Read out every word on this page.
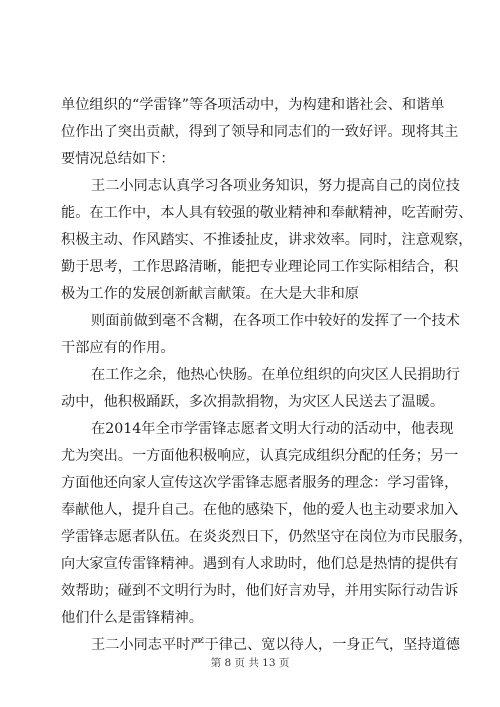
单位组织的“学雷锋”等各项活动中，为构建和谐社会、和谐单
位作出了突出贡献，得到了领导和同志们的一致好评。现将其主
要情况总结如下：
王二小同志认真学习各项业务知识，努力提高自己的岗位技
能。在工作中，本人具有较强的敬业精神和奉献精神，吃苦耐劳、
积极主动、作风踏实、不推诿扯皮，讲求效率。同时，注意观察，
勤于思考，工作思路清晰，能把专业理论同工作实际相结合，积
极为工作的发展创新献言献策。在大是大非和原
则面前做到毫不含糊，在各项工作中较好的发挥了一个技术
干部应有的作用。
在工作之余，他热心快肠。在单位组织的向灾区人民捐助行
动中，他积极踊跃，多次捐款捐物，为灾区人民送去了温暖。
在2014年全市学雷锋志愿者文明大行动的活动中，他表现
尤为突出。一方面他积极响应，认真完成组织分配的任务；另一
方面他还向家人宣传这次学雷锋志愿者服务的理念：学习雷锋，
奉献他人，提升自己。在他的感染下，他的爱人也主动要求加入
学雷锋志愿者队伍。在炎炎烈日下，仍然坚守在岗位为市民服务，
向大家宣传雷锋精神。遇到有人求助时，他们总是热情的提供有
效帮助；碰到不文明行为时，他们好言劝导，并用实际行动告诉
他们什么是雷锋精神。
王二小同志平时严于律己、宽以待人，一身正气，坚持道德
第 8 页 共 13 页
